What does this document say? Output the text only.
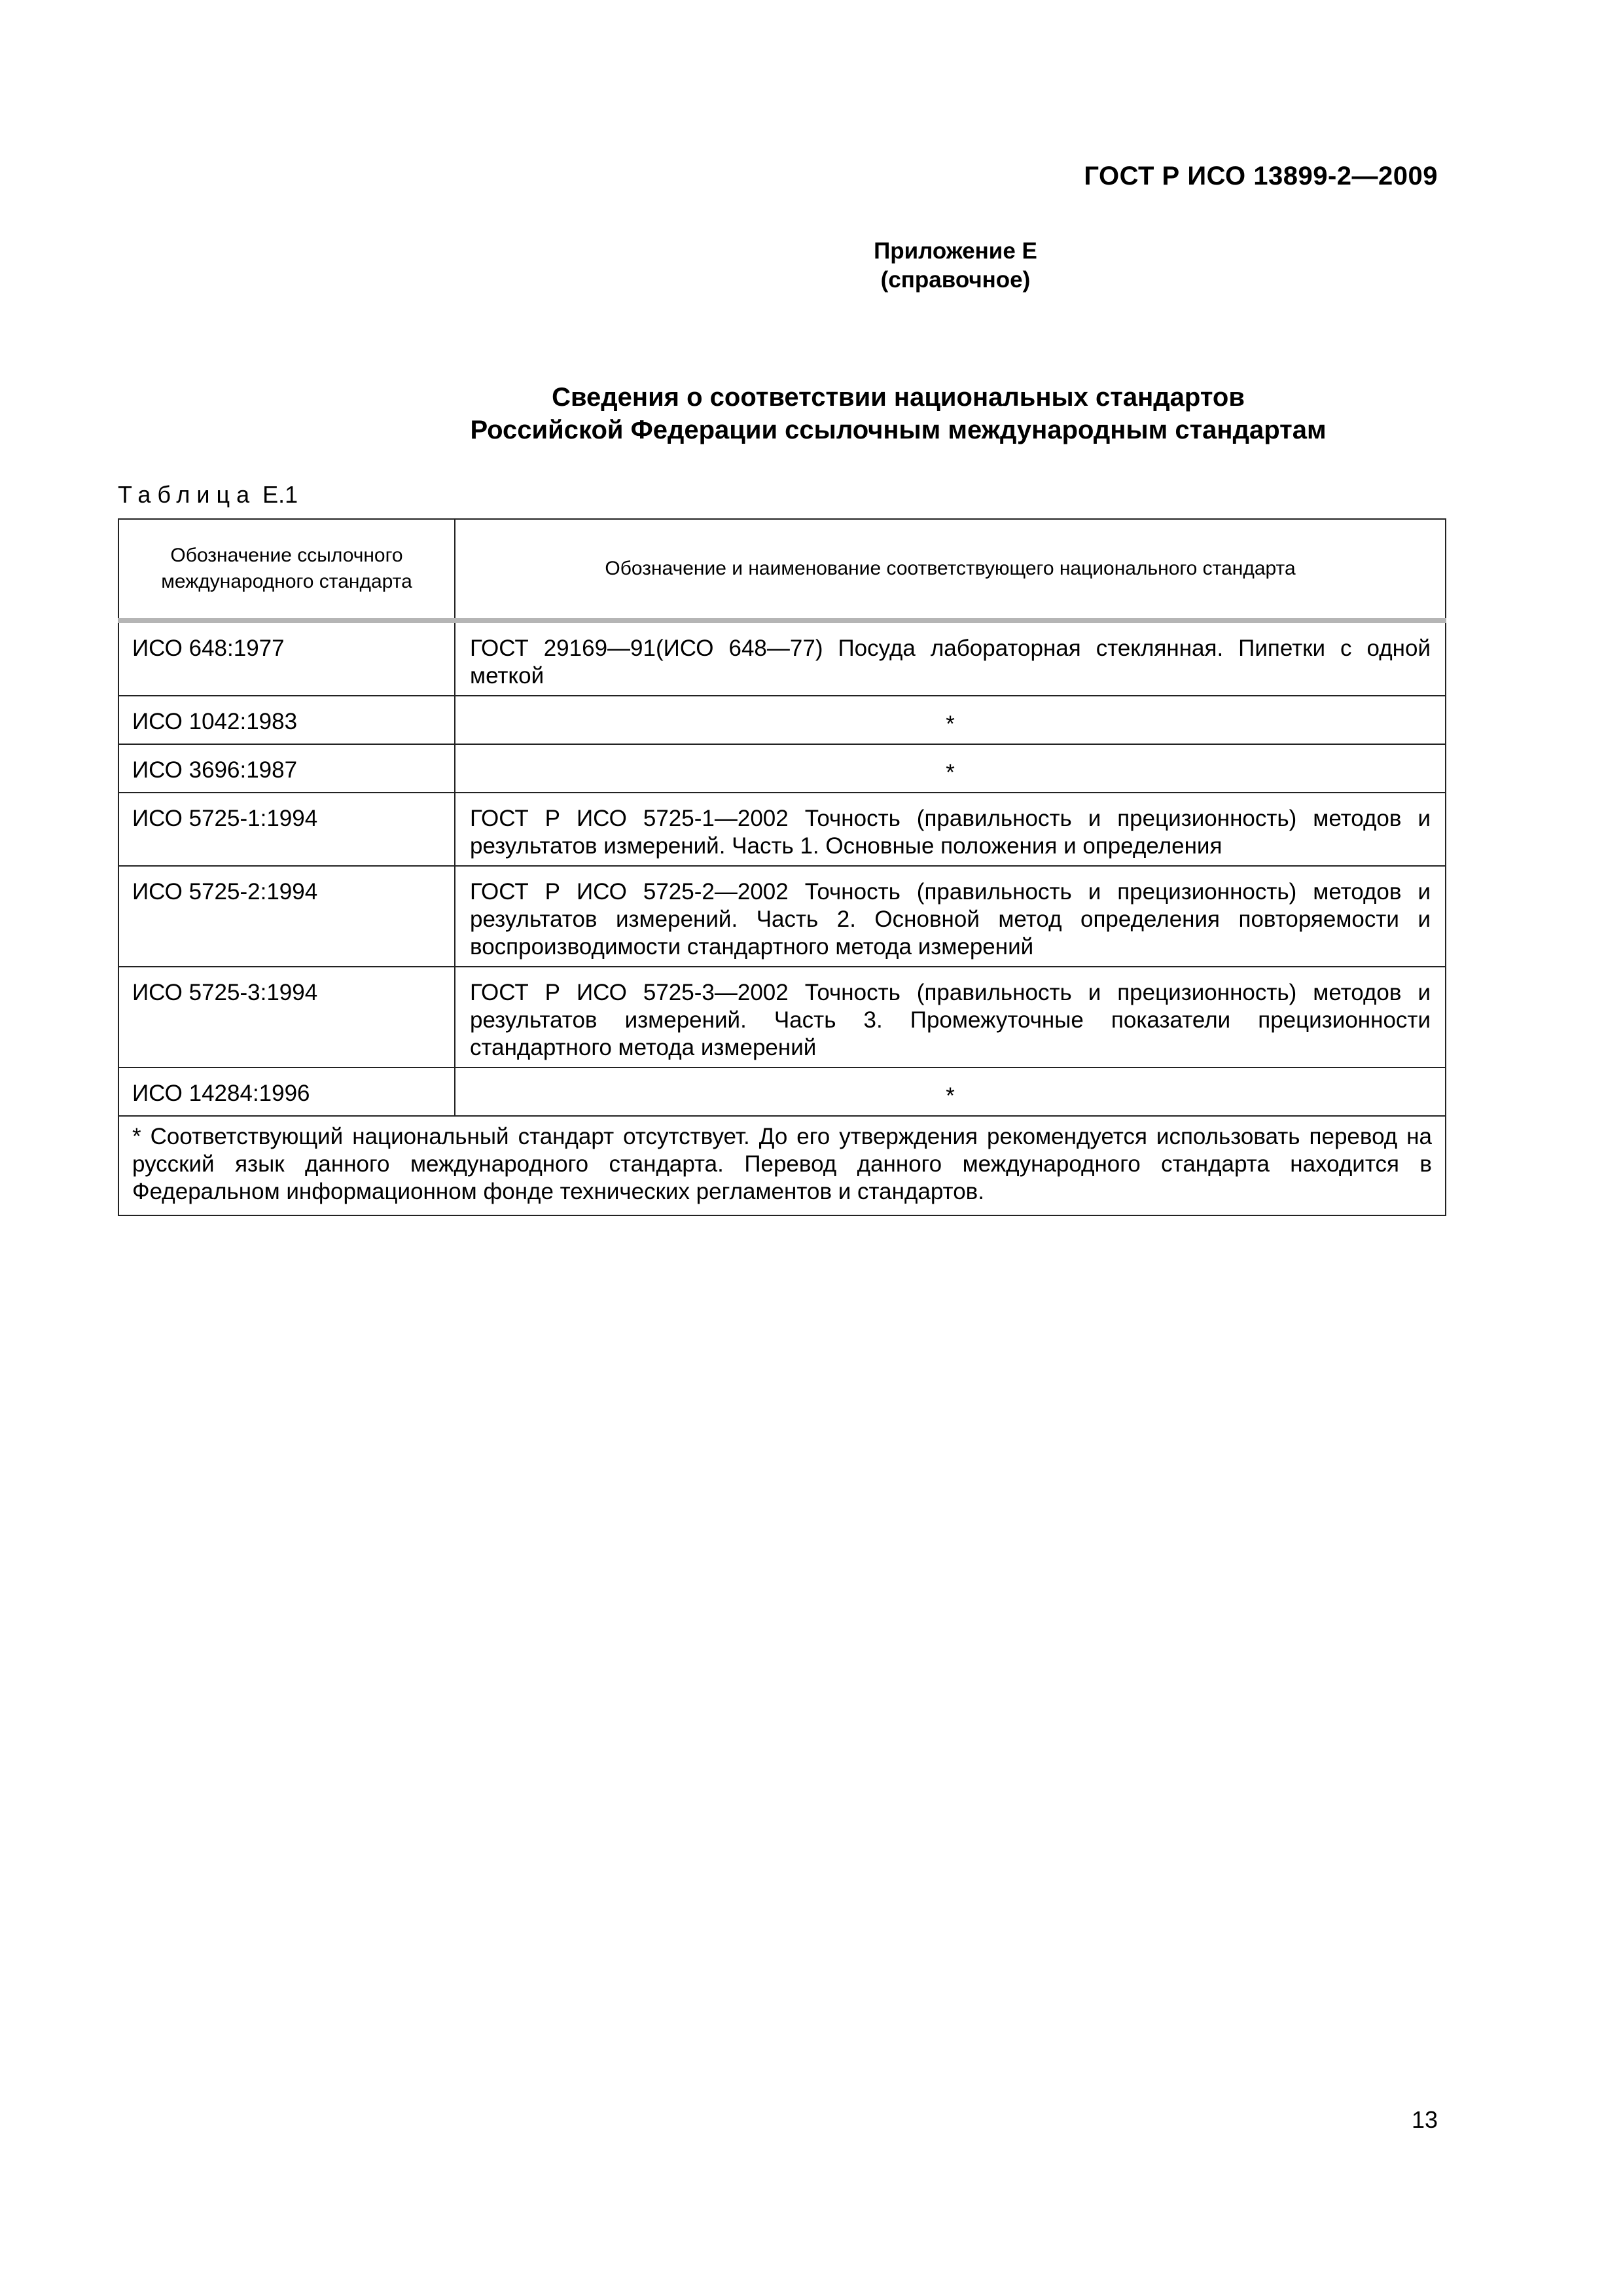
ГОСТ Р ИСО 13899-2—2009
Приложение Е
(справочное)
Сведения о соответствии национальных стандартов
Российской Федерации ссылочным международным стандартам
Таблица Е.1
Обозначение ссылочного международного стандарта	Обозначение и наименование соответствующего национального стандарта
ИСО 648:1977	ГОСТ 29169—91(ИСО 648—77) Посуда лабораторная стеклянная. Пипетки с одной меткой
ИСО 1042:1983	*
ИСО 3696:1987	*
ИСО 5725-1:1994	ГОСТ Р ИСО 5725-1—2002 Точность (правильность и прецизионность) методов и результатов измерений. Часть 1. Основные положения и определения
ИСО 5725-2:1994	ГОСТ Р ИСО 5725-2—2002 Точность (правильность и прецизионность) методов и результатов измерений. Часть 2. Основной метод определения повторяемости и воспроизводимости стандартного метода измерений
ИСО 5725-3:1994	ГОСТ Р ИСО 5725-3—2002 Точность (правильность и прецизионность) методов и результатов измерений. Часть 3. Промежуточные показатели прецизионности стандартного метода измерений
ИСО 14284:1996	*
* Соответствующий национальный стандарт отсутствует. До его утверждения рекомендуется использовать перевод на русский язык данного международного стандарта. Перевод данного международного стандарта находится в Федеральном информационном фонде технических регламентов и стандартов.	
13
